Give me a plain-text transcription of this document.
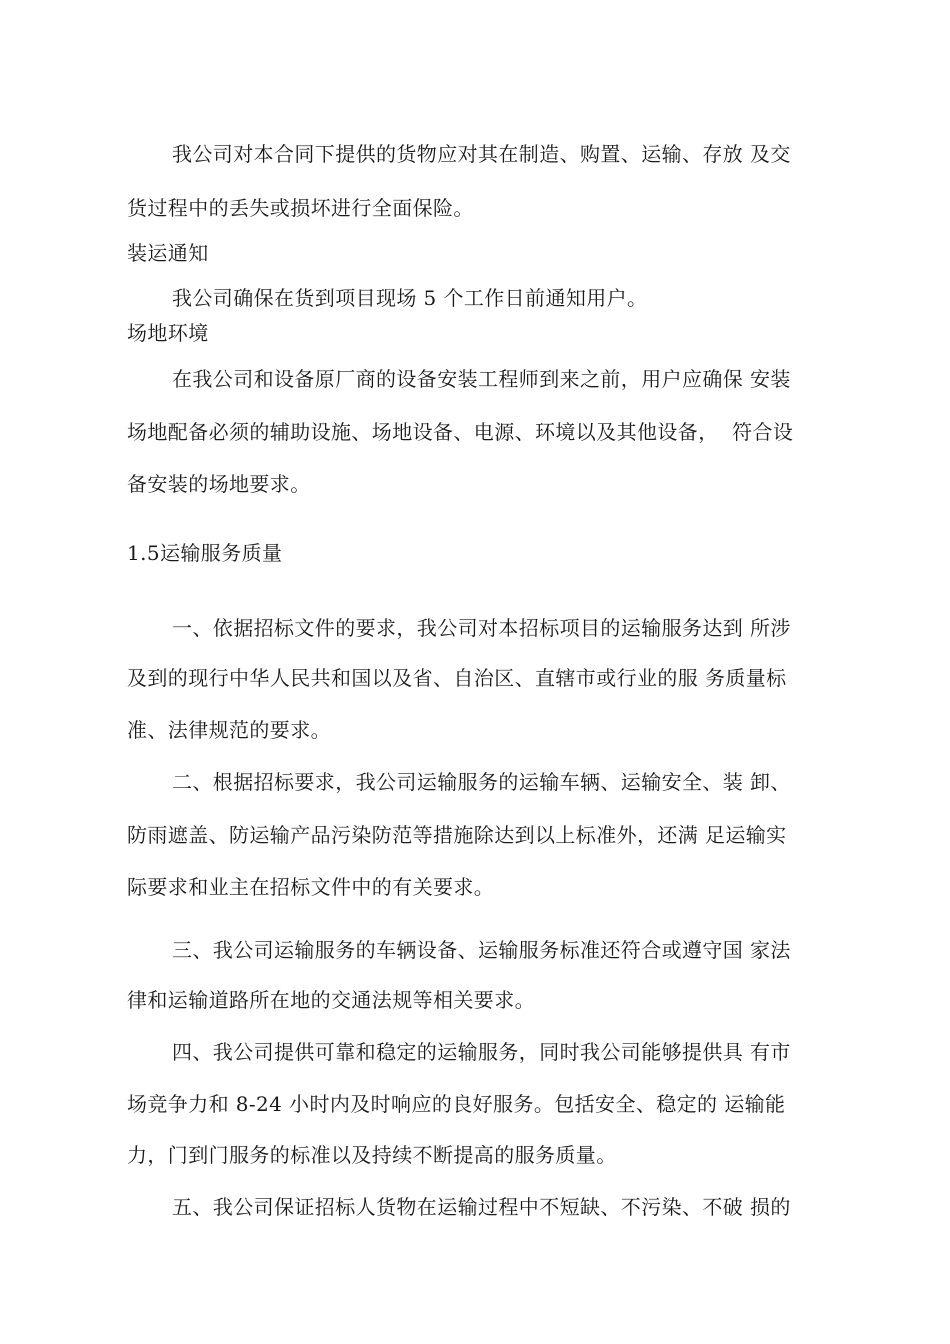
我公司对本合同下提供的货物应对其在制造、购置、运输、存放 及交
货过程中的丢失或损坏进行全面保险。
装运通知
我公司确保在货到项目现场 5 个工作日前通知用户。
场地环境
在我公司和设备原厂商的设备安装工程师到来之前，用户应确保 安装
场地配备必须的辅助设施、场地设备、电源、环境以及其他设备，  符合设
备安装的场地要求。
1.5运输服务质量
一、依据招标文件的要求，我公司对本招标项目的运输服务达到 所涉
及到的现行中华人民共和国以及省、自治区、直辖市或行业的服 务质量标
准、法律规范的要求。
二、根据招标要求，我公司运输服务的运输车辆、运输安全、装 卸、
防雨遮盖、防运输产品污染防范等措施除达到以上标准外，还满 足运输实
际要求和业主在招标文件中的有关要求。
三、我公司运输服务的车辆设备、运输服务标准还符合或遵守国 家法
律和运输道路所在地的交通法规等相关要求。
四、我公司提供可靠和稳定的运输服务，同时我公司能够提供具 有市
场竞争力和 8-24 小时内及时响应的良好服务。包括安全、稳定的 运输能
力，门到门服务的标准以及持续不断提高的服务质量。
五、我公司保证招标人货物在运输过程中不短缺、不污染、不破 损的
